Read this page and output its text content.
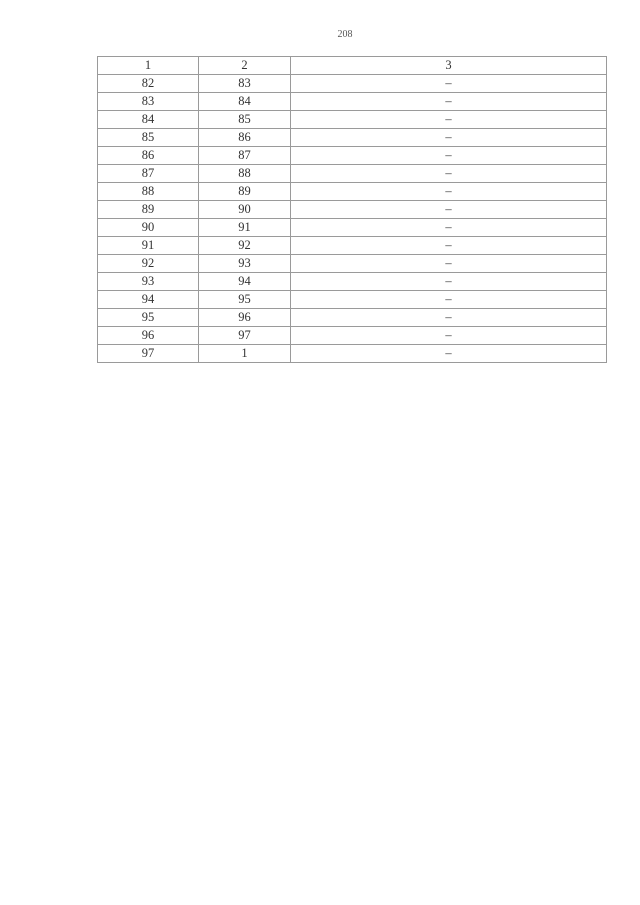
208
1	2	3
82	83	–
83	84	–
84	85	–
85	86	–
86	87	–
87	88	–
88	89	–
89	90	–
90	91	–
91	92	–
92	93	–
93	94	–
94	95	–
95	96	–
96	97	–
97	1	–
